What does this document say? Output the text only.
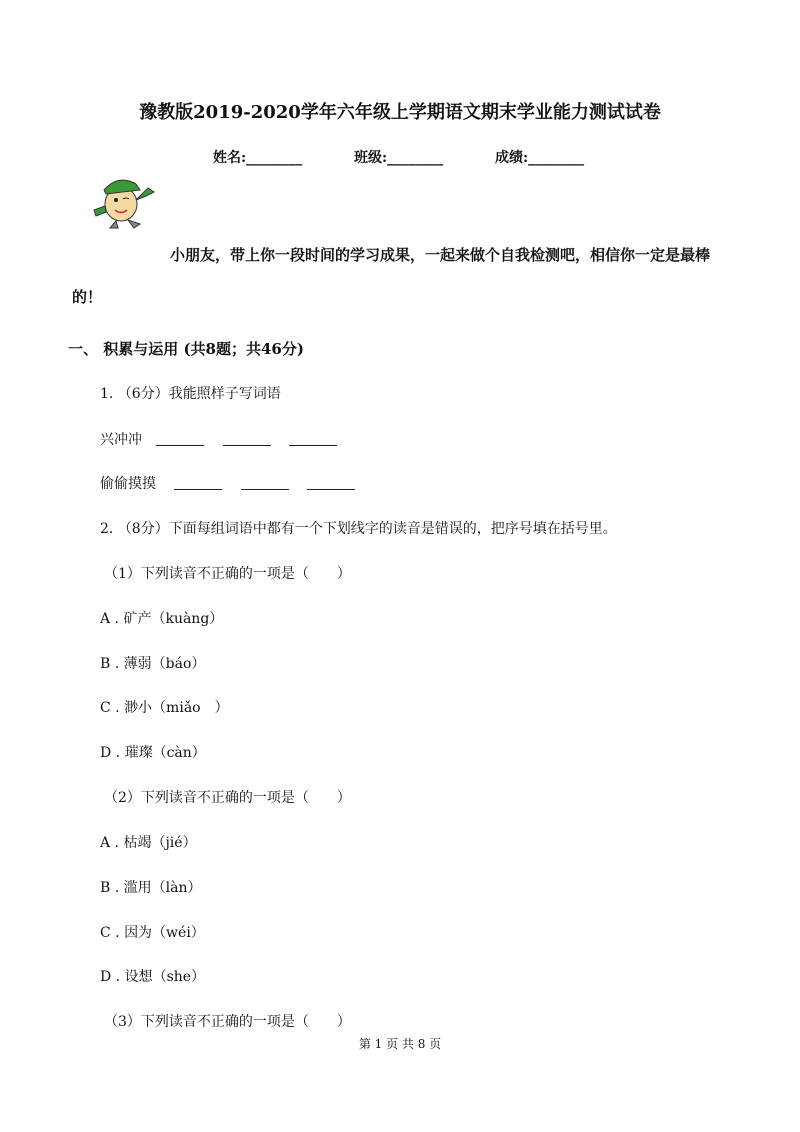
豫教版2019-2020学年六年级上学期语文期末学业能力测试试卷
姓名:________	班级:________	成绩:________
小朋友，带上你一段时间的学习成果，一起来做个自我检测吧，相信你一定是最棒
的！
一、 积累与运用 (共8题；共46分)
1. （6分）我能照样子写词语
兴冲冲
偷偷摸摸
2. （8分）下面每组词语中都有一个下划线字的读音是错误的，把序号填在括号里。
（1）下列读音不正确的一项是（　　）
A . 矿产（kuàng）
B . 薄弱（báo）
C . 渺小（miǎo　）
D . 璀璨（càn）
（2）下列读音不正确的一项是（　　）
A . 枯竭（jié）
B . 滥用（làn）
C . 因为（wéi）
D . 设想（she）
（3）下列读音不正确的一项是（　　）
第 1 页 共 8 页
